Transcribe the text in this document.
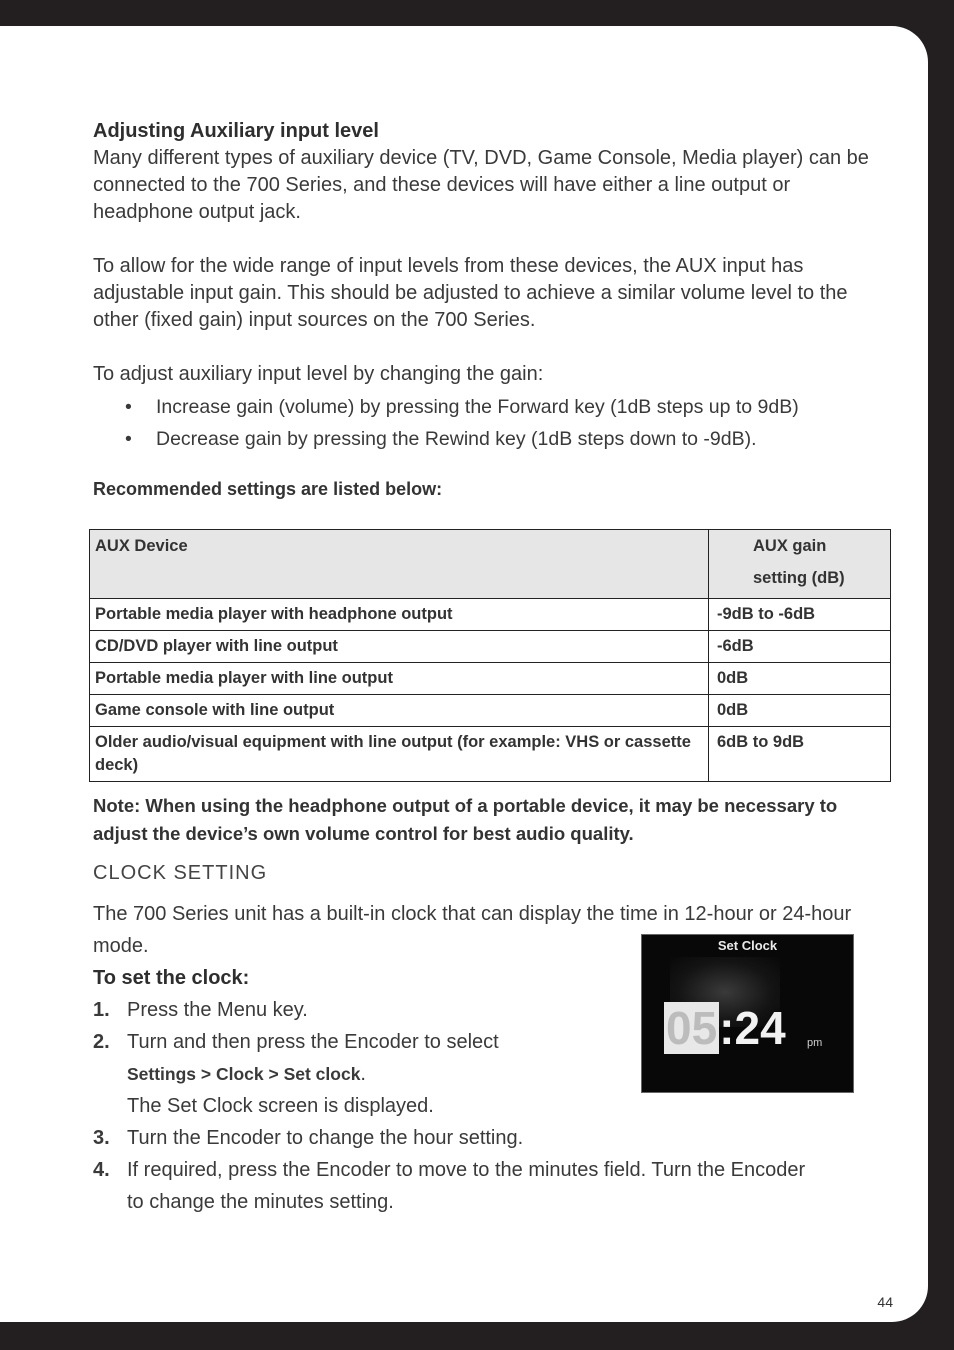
Adjusting Auxiliary input level

Many different types of auxiliary device (TV, DVD, Game Console, Media player) can be connected to the 700 Series, and these devices will have either a line output or headphone output jack.

To allow for the wide range of input levels from these devices, the AUX input has adjustable input gain. This should be adjusted to achieve a similar volume level to the other (fixed gain) input sources on the 700 Series.

To adjust auxiliary input level by changing the gain:

• Increase gain (volume) by pressing the Forward key (1dB steps up to 9dB)
• Decrease gain by pressing the Rewind key (1dB steps down to -9dB).
Recommended settings are listed below:
AUX Device	AUX gain setting (dB)

Portable media player with headphone output	-9dB to -6dB
CD/DVD player with line output	-6dB
Portable media player with line output	0dB
Game console with line output	0dB
Older audio/visual equipment with line output (for example: VHS or cassette deck)	6dB to 9dB
Note: When using the headphone output of a portable device, it may be necessary to adjust the device’s own volume control for best audio quality.
CLOCK SETTING
The 700 Series unit has a built-in clock that can display the time in 12-hour or 24-hour mode.
To set the clock:
1. Press the Menu key.
2. Turn and then press the Encoder to select
Settings > Clock > Set clock.
The Set Clock screen is displayed.
3. Turn the Encoder to change the hour setting.
4. If required, press the Encoder to move to the minutes field. Turn the Encoder to change the minutes setting.
Set Clock
05:24 pm
44
